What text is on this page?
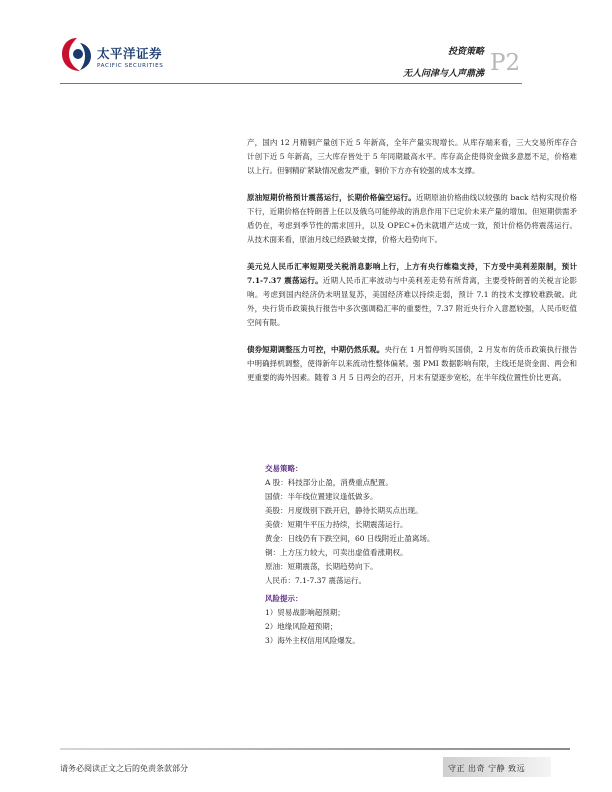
太平洋证券
PACIFIC SECURITIES
投资策略
无人问津与人声鼎沸 P2

产，国内 12 月精铜产量创下近 5 年新高，全年产量实现增长。从库存端来看，三大交易所库存合计创下近 5 年新高，三大库存皆处于 5 年同期最高水平。库存高企使得资金做多意愿不足，价格难以上行。但铜精矿紧缺情况愈发严重，铜价下方亦有较强的成本支撑。

原油短期价格预计震荡运行，长期价格偏空运行。近期原油价格曲线以较强的 back 结构实现价格下行，近期价格在特朗普上任以及俄乌可能停战的消息作用下已定价未来产量的增加。但短期供需矛盾仍在，考虑到季节性的需求回升，以及 OPEC+仍未就增产达成一致，预计价格仍将震荡运行。从技术面来看，原油月线已经跌破支撑，价格大趋势向下。

美元兑人民币汇率短期受关税消息影响上行，上方有央行维稳支持，下方受中美利差限制，预计 7.1-7.37 震荡运行。近期人民币汇率波动与中美利差走势有所背离，主要受特朗普的关税言论影响。考虑到国内经济仍未明显复苏，美国经济难以持续走弱，预计 7.1 的技术支撑较难跌破。此外，央行货币政策执行报告中多次强调稳汇率的重要性，7.37 附近央行介入意愿较强，人民币贬值空间有限。

债券短期调整压力可控，中期仍然乐观。央行在 1 月暂停购买国债，2 月发布的货币政策执行报告中明确择机调整，使得新年以来流动性整体偏紧。强 PMI 数据影响有限，主线还是资金面、两会和更重要的海外因素。随着 3 月 5 日两会的召开，月末有望逐步宽松，在半年线位置性价比更高。

交易策略：
A 股：科技部分止盈，消费重点配置。
国债：半年线位置建议逢低做多。
美股：月度级别下跌开启，静待长期买点出现。
美债：短期牛平压力持续，长期震荡运行。
黄金：日线仍有下跌空间，60 日线附近止盈离场。
铜：上方压力较大，可卖出虚值看涨期权。
原油：短期震荡，长期趋势向下。
人民币：7.1-7.37 震荡运行。
风险提示：
1）贸易战影响超预期；
2）地缘风险超预期；
3）海外主权信用风险爆发。
请务必阅读正文之后的免责条款部分	守正 出奇 宁静 致远
